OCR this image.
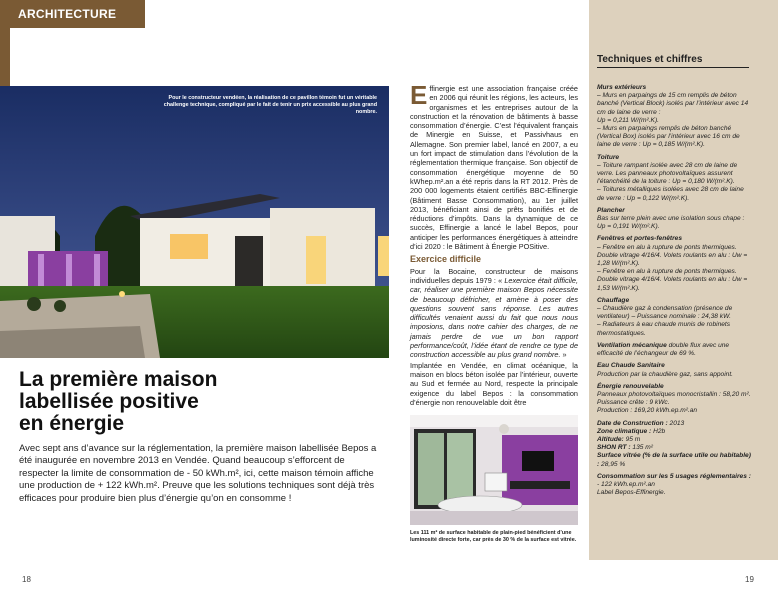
ARCHITECTURE
Pour le constructeur vendéen, la réalisation de ce pavillon témoin fut un véritable challenge technique, compliqué par le fait de tenir un prix accessible au plus grand nombre.
La première maison
labellisée positive
en énergie
Avec sept ans d’avance sur la réglementation, la première maison labellisée Bepos a été inaugurée en novembre 2013 en Vendée. Quand beaucoup s’efforcent de respecter la limite de consommation de - 50 kWh.m², ici, cette maison témoin affiche une production de + 122 kWh.m². Preuve que les solutions techniques sont déjà très efficaces pour produire bien plus d’énergie qu’on en consomme !
18	19

Effinergie est une association française créée en 2006 qui réunit les régions, les acteurs, les organismes et les entreprises autour de la construction et la rénovation de bâtiments à basse consommation d’énergie. C’est l’équivalent français de Minergie en Suisse, et Passivhaus en Allemagne. Son premier label, lancé en 2007, a eu un fort impact de stimulation dans l’évolution de la réglementation thermique française. Son objectif de consommation énergétique moyenne de 50 kWhep.m².an a été repris dans la RT 2012. Près de 200 000 logements étaient certifiés BBC-Effinergie (Bâtiment Basse Consommation), au 1er juillet 2013, bénéficiant ainsi de prêts bonifiés et de réductions d’impôts. Dans la dynamique de ce succès, Effinergie a lancé le label Bepos, pour anticiper les performances énergétiques à atteindre d’ici 2020 : le Bâtiment à Énergie POSitive.

Exercice difficile

Pour la Bocaine, constructeur de maisons individuelles depuis 1979 : « Lexercice était difficile, car, réaliser une première maison Bepos nécessite de beaucoup défricher, et amène à poser des questions souvent sans réponse. Les autres difficultés venaient aussi du fait que nous nous imposions, dans notre cahier des charges, de ne jamais perdre de vue un bon rapport performance/coût, l’idée étant de rendre ce type de construction accessible au plus grand nombre. »

Implantée en Vendée, en climat océanique, la maison en blocs béton isolée par l’intérieur, ouverte au Sud et fermée au Nord, respecte la principale exigence du label Bepos : la consommation d’énergie non renouvelable doit être

Les 111 m² de surface habitable de plain-pied bénéficient d’une luminosité directe forte, car près de 30 % de la surface est vitrée.
Techniques et chiffres
Murs extérieurs
– Murs en parpaings de 15 cm remplis de béton banché (Vertical Block) isolés par l’intérieur avec 14 cm de laine de verre :
Up = 0,211 W/(m².K).
– Murs en parpaings remplis de béton banché (Vertical Box) isolés par l’intérieur avec 16 cm de laine de verre : Up = 0,185 W/(m².K).
Toiture
– Toiture rampant isolée avec 28 cm de laine de verre. Les panneaux photovoltaïques assurent l’étanchéité de la toiture : Up = 0,180 W/(m².K).
– Toitures métalliques isolées avec 28 cm de laine de verre : Up = 0,122 W/(m².K).
Plancher
Bas sur terre plein avec une isolation sous chape : Up = 0,191 W/(m².K).
Fenêtres et portes-fenêtres
– Fenêtre en alu à rupture de ponts thermiques. Double vitrage 4/16/4. Volets roulants en alu : Uw = 1,28 W/(m².K).
– Fenêtre en alu à rupture de ponts thermiques. Double vitrage 4/16/4. Volets roulants en alu : Uw = 1,53 W/(m².K).
Chauffage
– Chaudière gaz à condensation (présence de ventilateur) – Puissance nominale : 24,38 kW.
– Radiateurs à eau chaude munis de robinets thermostatiques.
Ventilation mécanique double flux avec une efficacité de l’échangeur de 69 %.
Eau Chaude Sanitaire
Production par la chaudière gaz, sans appoint.
Énergie renouvelable
Panneaux photovoltaïques monocristallin : 58,20 m². Puissance crête : 9 kWc.
Production : 169,20 kWh.ep.m².an
Date de Construction : 2013
Zone climatique : H2b
Altitude: 95 m
SHON RT : 135 m²
Surface vitrée (% de la surface utile ou habitable) : 28,95 %
Consommation sur les 5 usages réglementaires : - 122 kWh.ep.m².an
Label Bepos-Effinergie.
